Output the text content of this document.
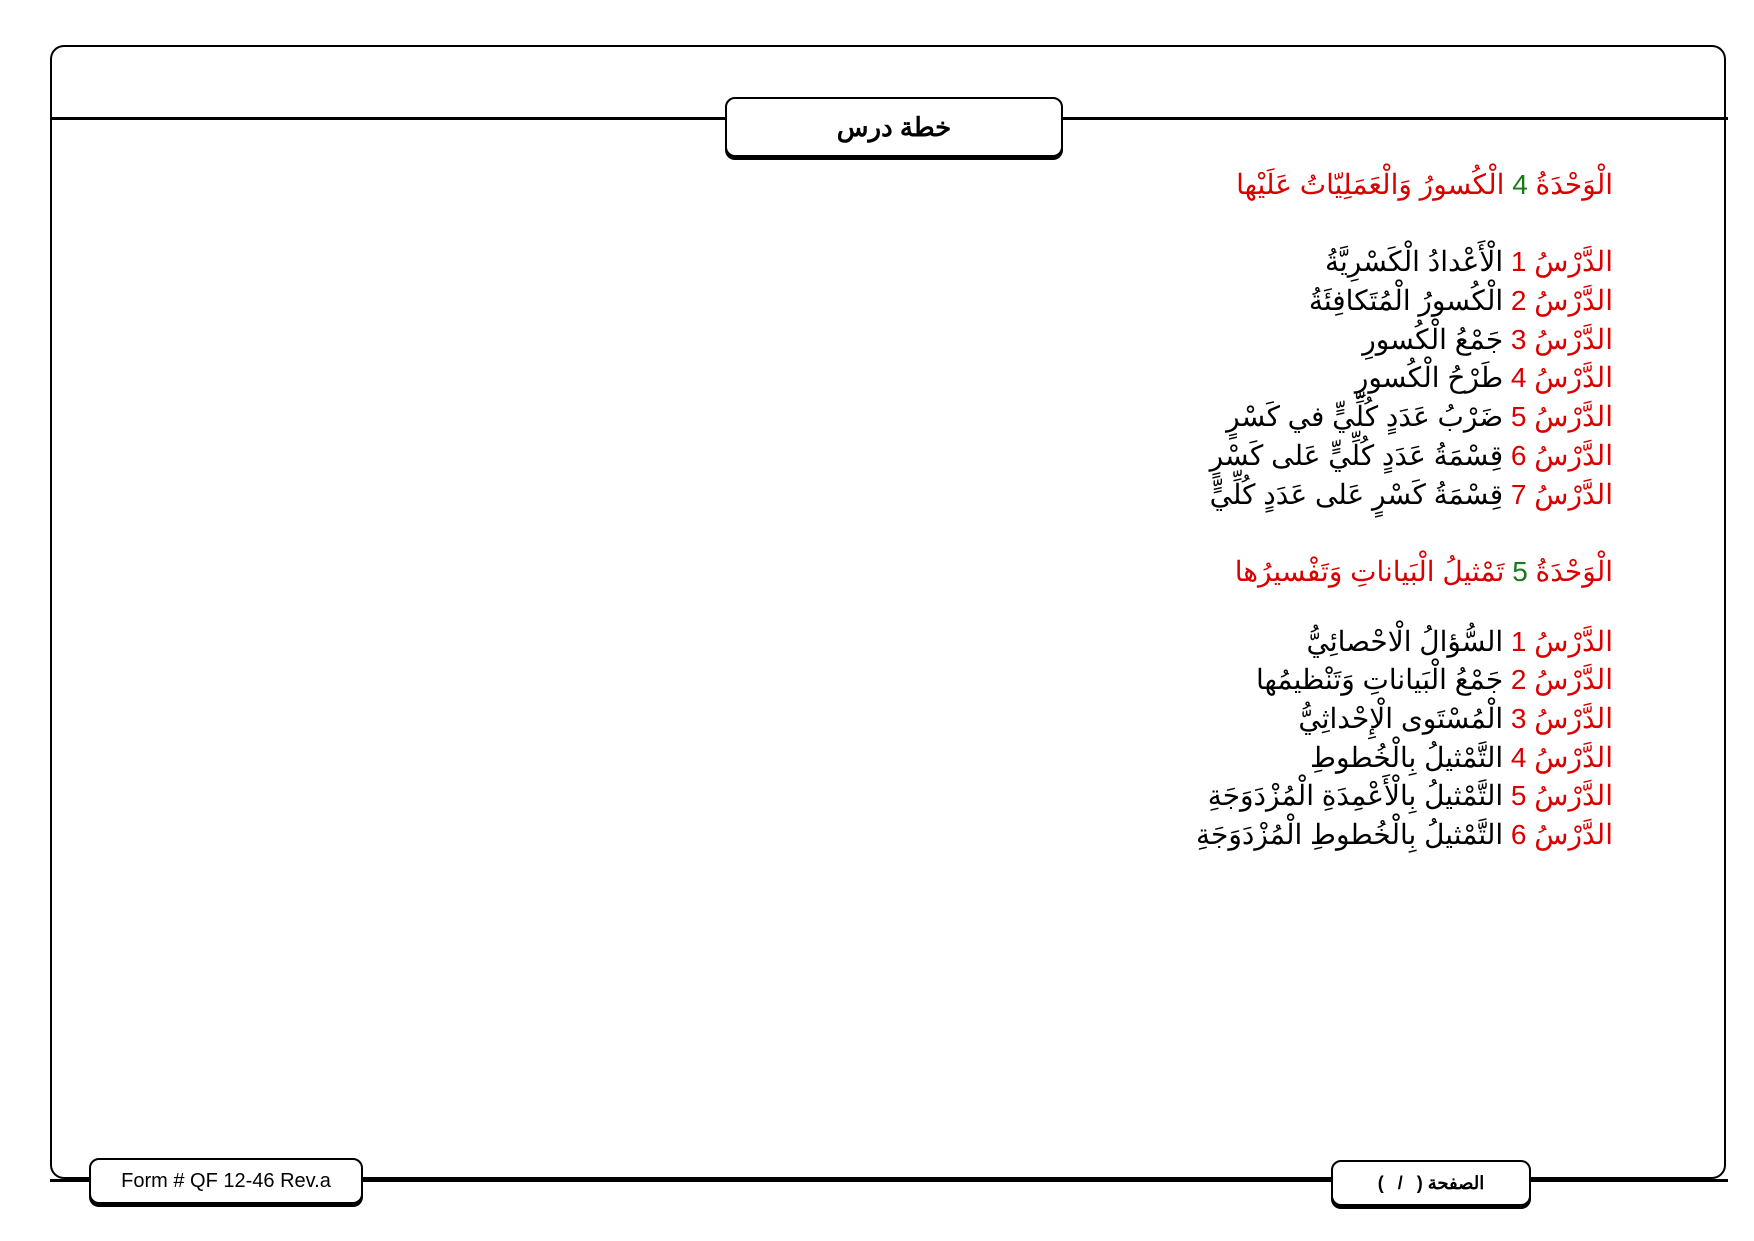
خطة درس
الْوَحْدَةُ 4 الْكُسورُ وَالْعَمَلِيّاتُ عَلَيْها
الدَّرْسُ 1 الْأَعْدادُ الْكَسْرِيَّةُ
الدَّرْسُ 2 الْكُسورُ الْمُتَكافِئَةُ
الدَّرْسُ 3 جَمْعُ الْكُسورِ
الدَّرْسُ 4 طَرْحُ الْكُسورِ
الدَّرْسُ 5 ضَرْبُ عَدَدٍ كُلِّيٍّ في كَسْرٍ
الدَّرْسُ 6 قِسْمَةُ عَدَدٍ كُلِّيٍّ عَلى كَسْرٍ
الدَّرْسُ 7 قِسْمَةُ كَسْرٍ عَلى عَدَدٍ كُلِّيٍّ
الْوَحْدَةُ 5 تَمْثيلُ الْبَياناتِ وَتَفْسيرُها
الدَّرْسُ 1 السُّؤالُ الْاحْصائِيُّ
الدَّرْسُ 2 جَمْعُ الْبَياناتِ وَتَنْظيمُها
الدَّرْسُ 3 الْمُسْتَوى الْإِحْداثِيُّ
الدَّرْسُ 4 التَّمْثيلُ بِالْخُطوطِ
الدَّرْسُ 5 التَّمْثيلُ بِالْأَعْمِدَةِ الْمُزْدَوَجَةِ
الدَّرْسُ 6 التَّمْثيلُ بِالْخُطوطِ الْمُزْدَوَجَةِ
Form # QF 12-46 Rev.a	الصفحة (
/
)
